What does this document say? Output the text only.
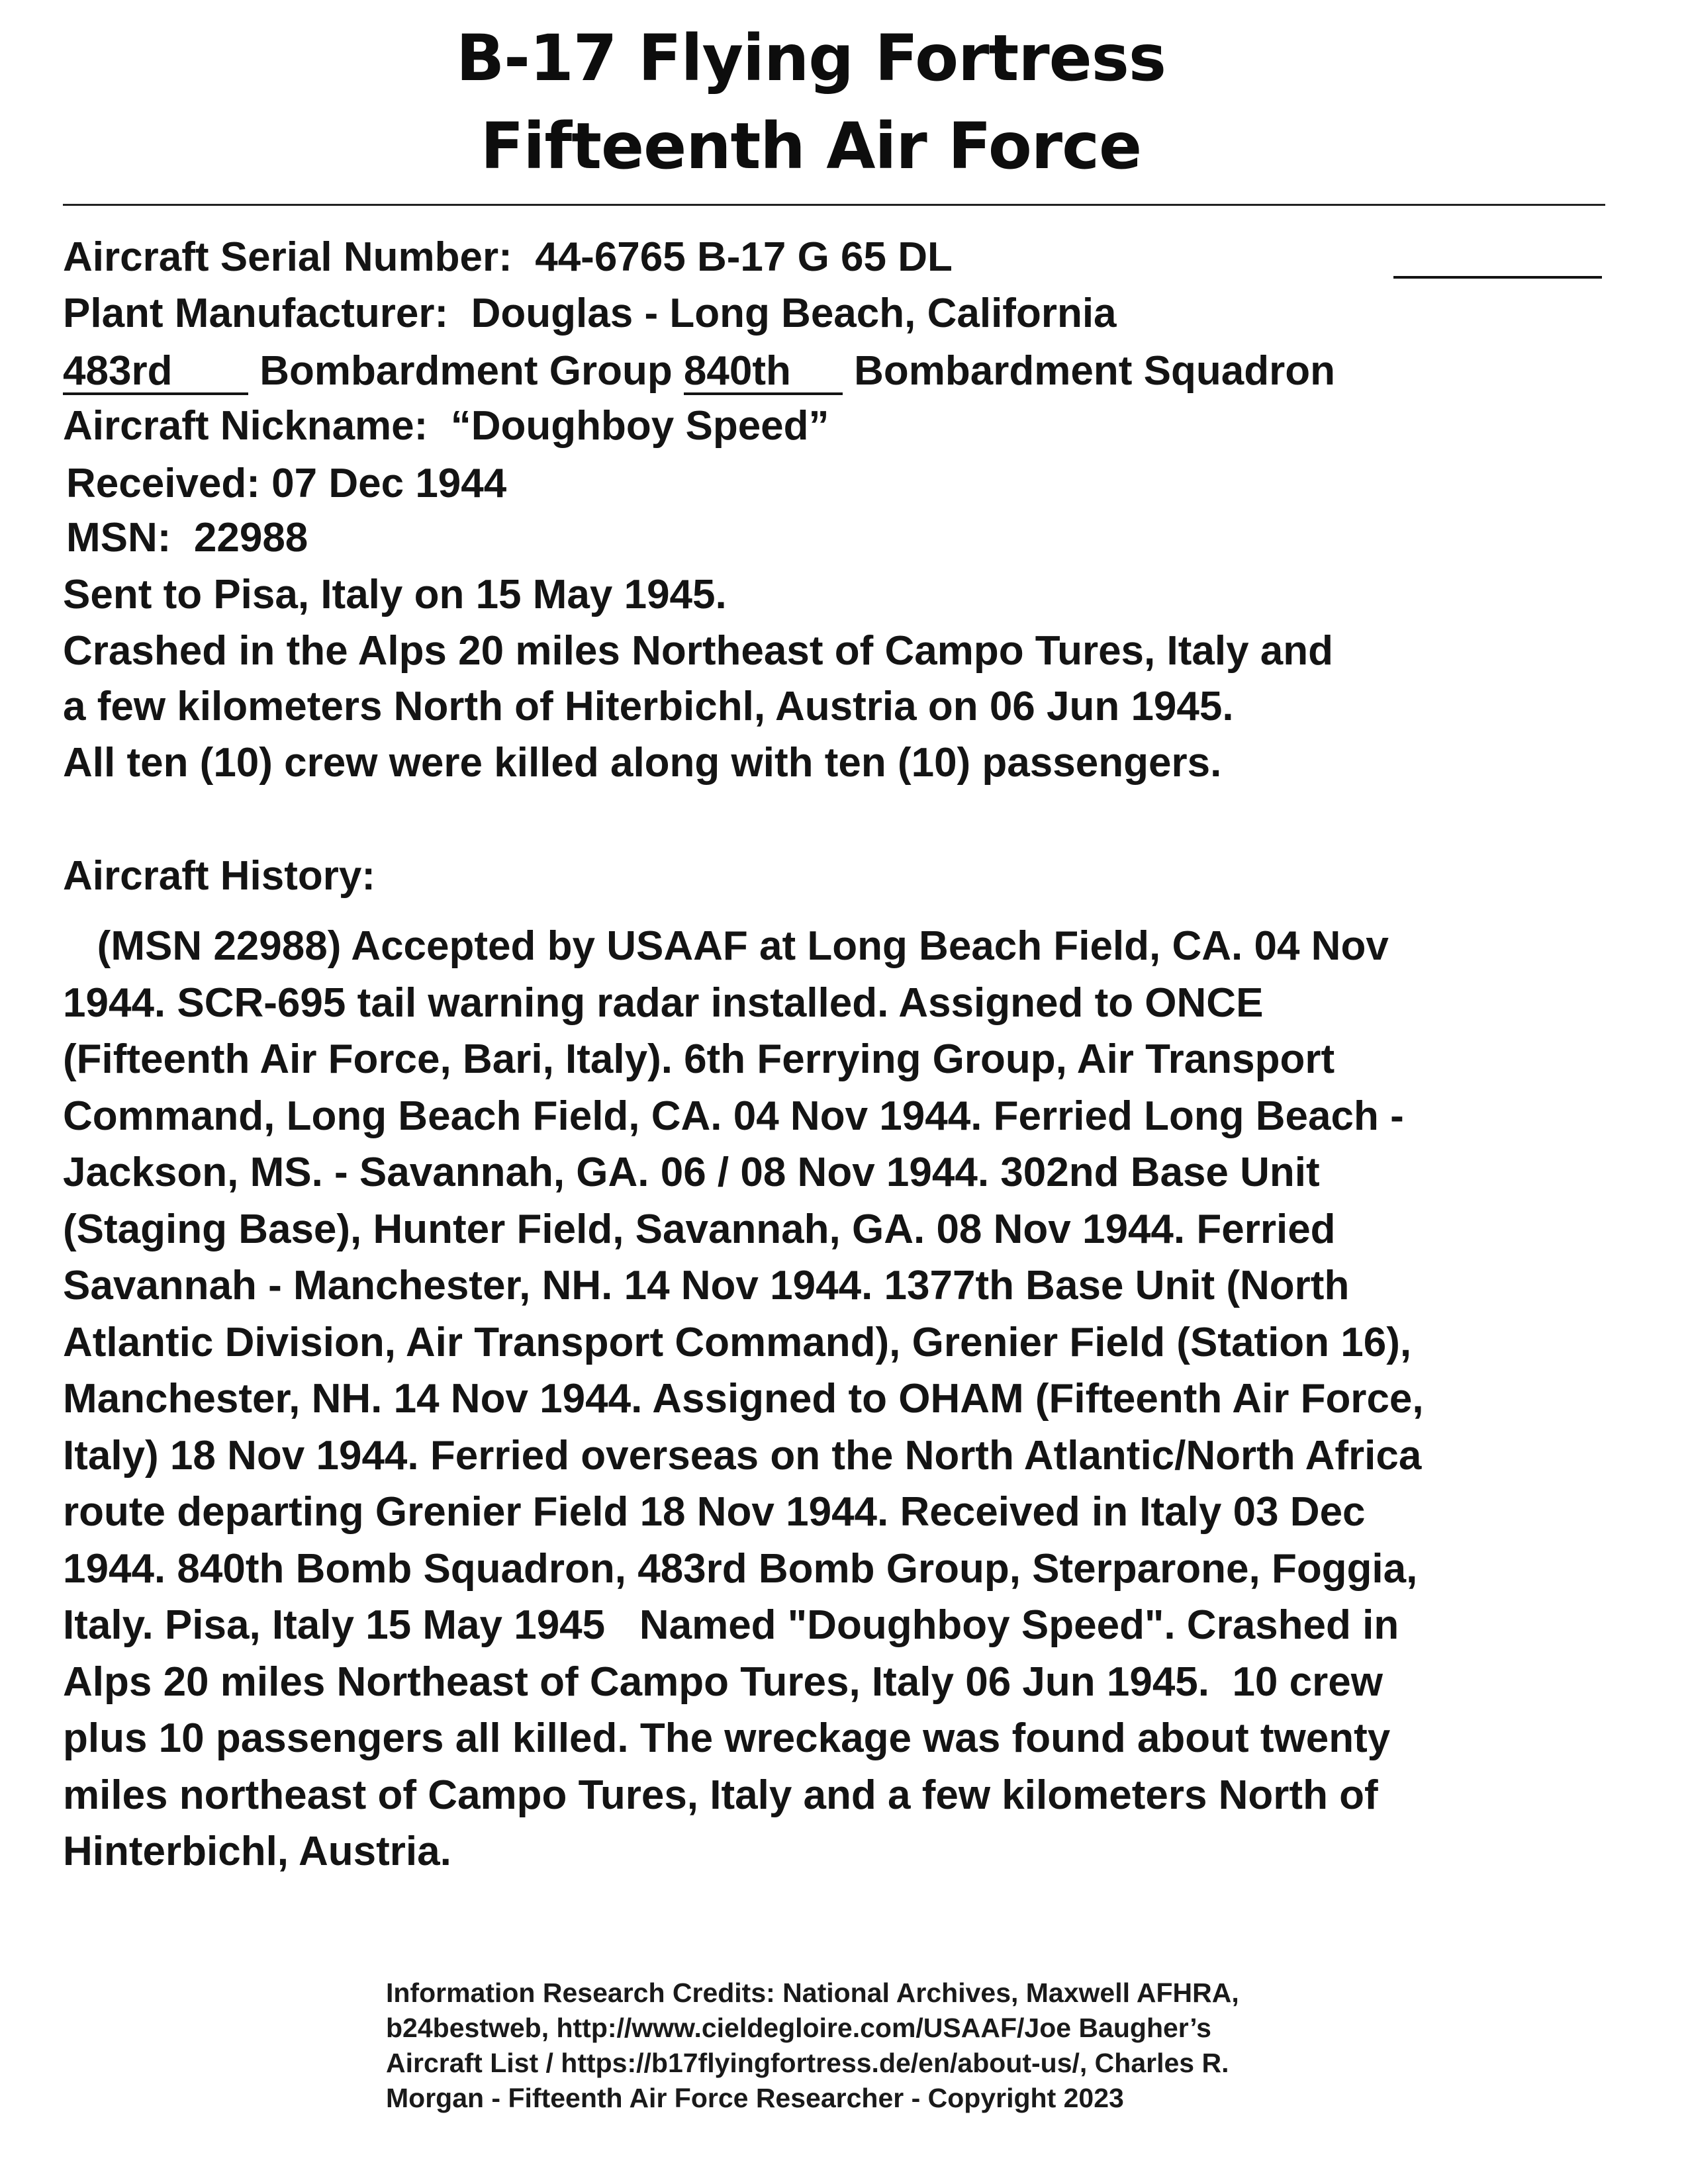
B-17 Flying Fortress
Fifteenth Air Force
Aircraft Serial Number: 44-6765 B-17 G 65 DL
Plant Manufacturer: Douglas - Long Beach, California
483rd Bombardment Group 840th Bombardment Squadron
Aircraft Nickname: “Doughboy Speed”
Received: 07 Dec 1944
MSN: 22988
Sent to Pisa, Italy on 15 May 1945.
Crashed in the Alps 20 miles Northeast of Campo Tures, Italy and
a few kilometers North of Hiterbichl, Austria on 06 Jun 1945.
All ten (10) crew were killed along with ten (10) passengers.
Aircraft History:
(MSN 22988) Accepted by USAAF at Long Beach Field, CA. 04 Nov
1944. SCR-695 tail warning radar installed. Assigned to ONCE
(Fifteenth Air Force, Bari, Italy). 6th Ferrying Group, Air Transport
Command, Long Beach Field, CA. 04 Nov 1944. Ferried Long Beach -
Jackson, MS. - Savannah, GA. 06 / 08 Nov 1944. 302nd Base Unit
(Staging Base), Hunter Field, Savannah, GA. 08 Nov 1944. Ferried
Savannah - Manchester, NH. 14 Nov 1944. 1377th Base Unit (North
Atlantic Division, Air Transport Command), Grenier Field (Station 16),
Manchester, NH. 14 Nov 1944. Assigned to OHAM (Fifteenth Air Force,
Italy) 18 Nov 1944. Ferried overseas on the North Atlantic/North Africa
route departing Grenier Field 18 Nov 1944. Received in Italy 03 Dec
1944. 840th Bomb Squadron, 483rd Bomb Group, Sterparone, Foggia,
Italy. Pisa, Italy 15 May 1945   Named "Doughboy Speed". Crashed in
Alps 20 miles Northeast of Campo Tures, Italy 06 Jun 1945.  10 crew
plus 10 passengers all killed. The wreckage was found about twenty
miles northeast of Campo Tures, Italy and a few kilometers North of
Hinterbichl, Austria.
Information Research Credits: National Archives, Maxwell AFHRA,
b24bestweb, http://www.cieldegloire.com/USAAF/Joe Baugher’s
Aircraft List / https://b17flyingfortress.de/en/about-us/, Charles R.
Morgan - Fifteenth Air Force Researcher - Copyright 2023
